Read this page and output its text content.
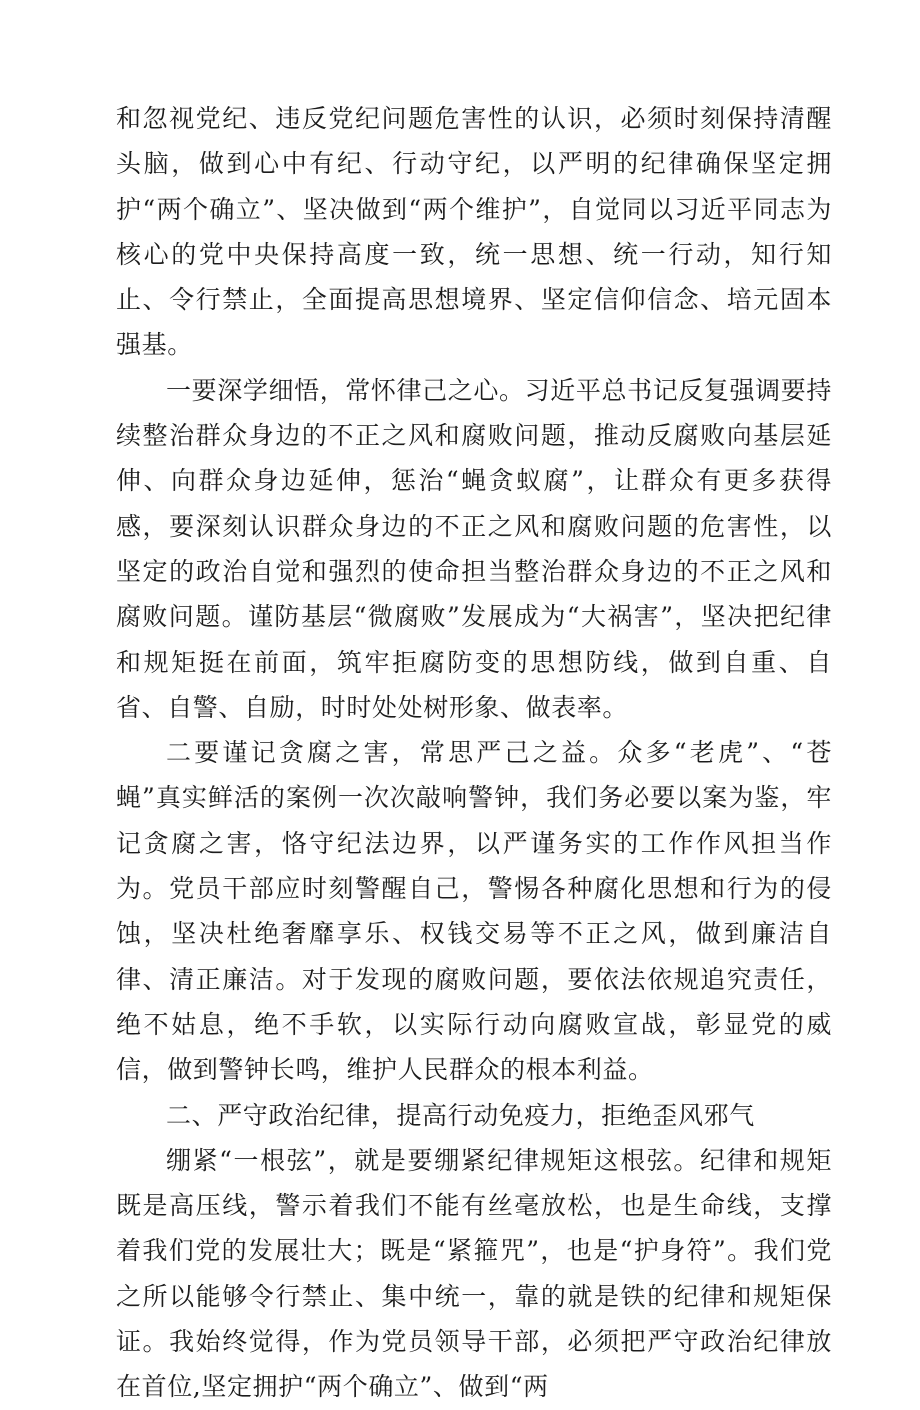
和忽视党纪、违反党纪问题危害性的认识，必须时刻保持清醒头脑，做到心中有纪、行动守纪，以严明的纪律确保坚定拥护“两个确立”、坚决做到“两个维护”，自觉同以习近平同志为核心的党中央保持高度一致，统一思想、统一行动，知行知止、令行禁止，全面提高思想境界、坚定信仰信念、培元固本强基。

一要深学细悟，常怀律己之心。习近平总书记反复强调要持续整治群众身边的不正之风和腐败问题，推动反腐败向基层延伸、向群众身边延伸，惩治“蝇贪蚁腐”，让群众有更多获得感，要深刻认识群众身边的不正之风和腐败问题的危害性，以坚定的政治自觉和强烈的使命担当整治群众身边的不正之风和腐败问题。谨防基层“微腐败”发展成为“大祸害”，坚决把纪律和规矩挺在前面，筑牢拒腐防变的思想防线，做到自重、自省、自警、自励，时时处处树形象、做表率。

二要谨记贪腐之害，常思严己之益。众多“老虎”、“苍蝇”真实鲜活的案例一次次敲响警钟，我们务必要以案为鉴，牢记贪腐之害，恪守纪法边界，以严谨务实的工作作风担当作为。党员干部应时刻警醒自己，警惕各种腐化思想和行为的侵蚀，坚决杜绝奢靡享乐、权钱交易等不正之风，做到廉洁自律、清正廉洁。对于发现的腐败问题，要依法依规追究责任，绝不姑息，绝不手软，以实际行动向腐败宣战，彰显党的威信，做到警钟长鸣，维护人民群众的根本利益。

二、严守政治纪律，提高行动免疫力，拒绝歪风邪气

绷紧“一根弦”，就是要绷紧纪律规矩这根弦。纪律和规矩既是高压线，警示着我们不能有丝毫放松，也是生命线，支撑着我们党的发展壮大；既是“紧箍咒”，也是“护身符”。我们党之所以能够令行禁止、集中统一，靠的就是铁的纪律和规矩保证。我始终觉得，作为党员领导干部，必须把严守政治纪律放在首位,坚定拥护“两个确立”、做到“两
